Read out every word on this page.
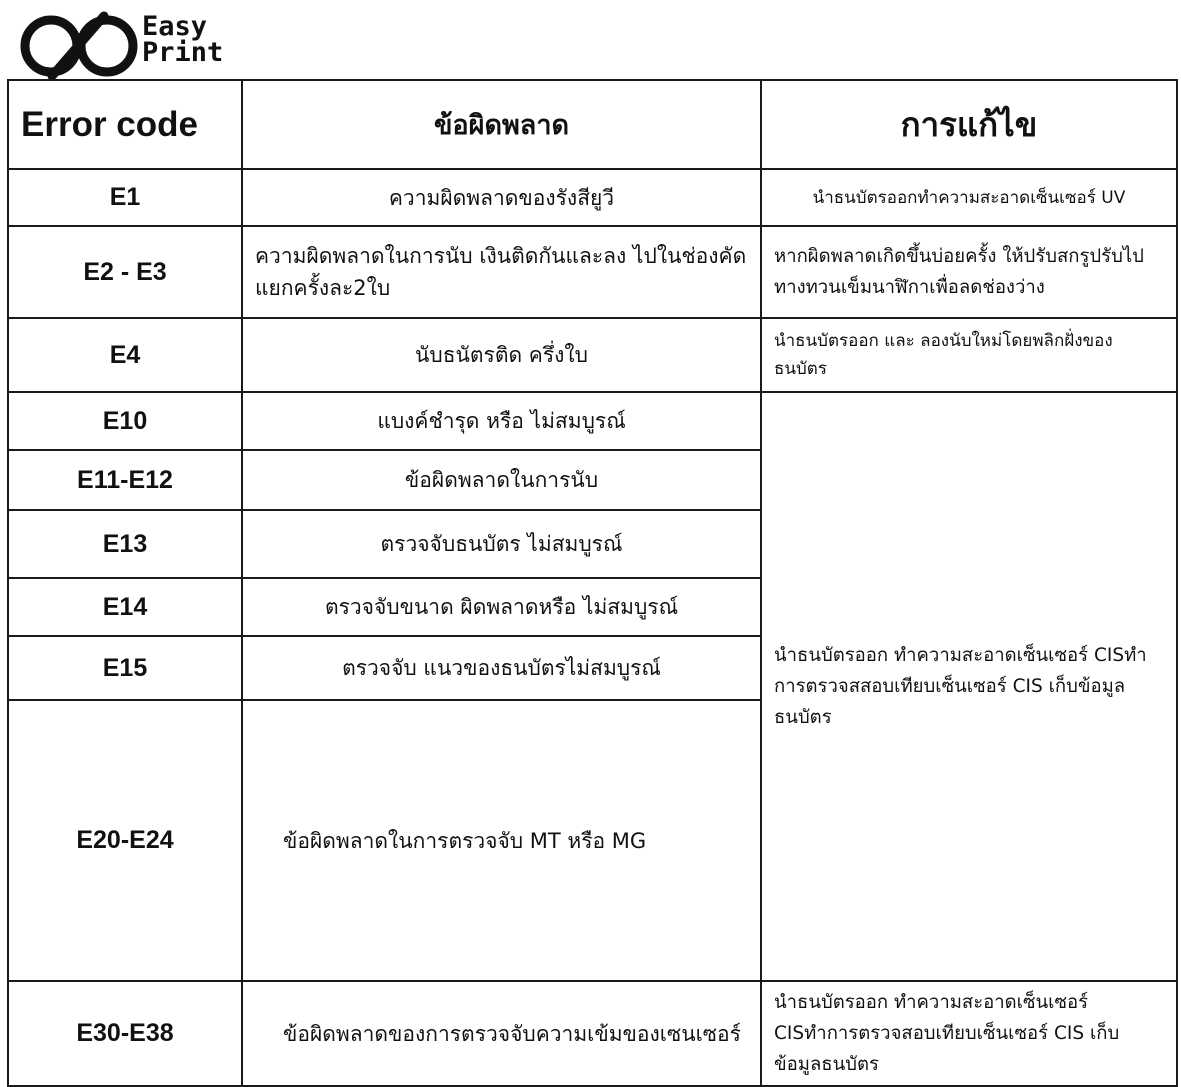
Easy
Print
Error code	ข้อผิดพลาด	การแก้ไข	
E1	ความผิดพลาดของรังสียูวี	นำธนบัตรออกทำความสะอาดเซ็นเซอร์ UV	
E2 - E3	ความผิดพลาดในการนับ เงินติดกันและลง ไปในช่องคัดแยกครั้งละ2ใบ	หากผิดพลาดเกิดขึ้นบ่อยครั้ง ให้ปรับสกรูปรับไปทางทวนเข็มนาฬิกาเพื่อลดช่องว่าง	
E4	นับธนัตรติด ครึ่งใบ	นำธนบัตรออก และ ลองนับใหม่โดยพลิกฝั่งของธนบัตร	
E10	แบงค์ชำรุด หรือ ไม่สมบูรณ์	นำธนบัตรออก ทำความสะอาดเซ็นเซอร์ CISทำการตรวจสสอบเทียบเซ็นเซอร์ CIS เก็บข้อมูลธนบัตร	
E11-E12	ข้อผิดพลาดในการนับ		
E13	ตรวจจับธนบัตร ไม่สมบูรณ์		
E14	ตรวจจับขนาด ผิดพลาดหรือ ไม่สมบูรณ์		
E15	ตรวจจับ แนวของธนบัตรไม่สมบูรณ์		
E20-E24	ข้อผิดพลาดในการตรวจจับ MT หรือ MG	
E30-E38	ข้อผิดพลาดของการตรวจจับความเข้มของเซนเซอร์	นำธนบัตรออก ทำความสะอาดเซ็นเซอร์ CISทำการตรวจสอบเทียบเซ็นเซอร์ CIS เก็บข้อมูลธนบัตร	
